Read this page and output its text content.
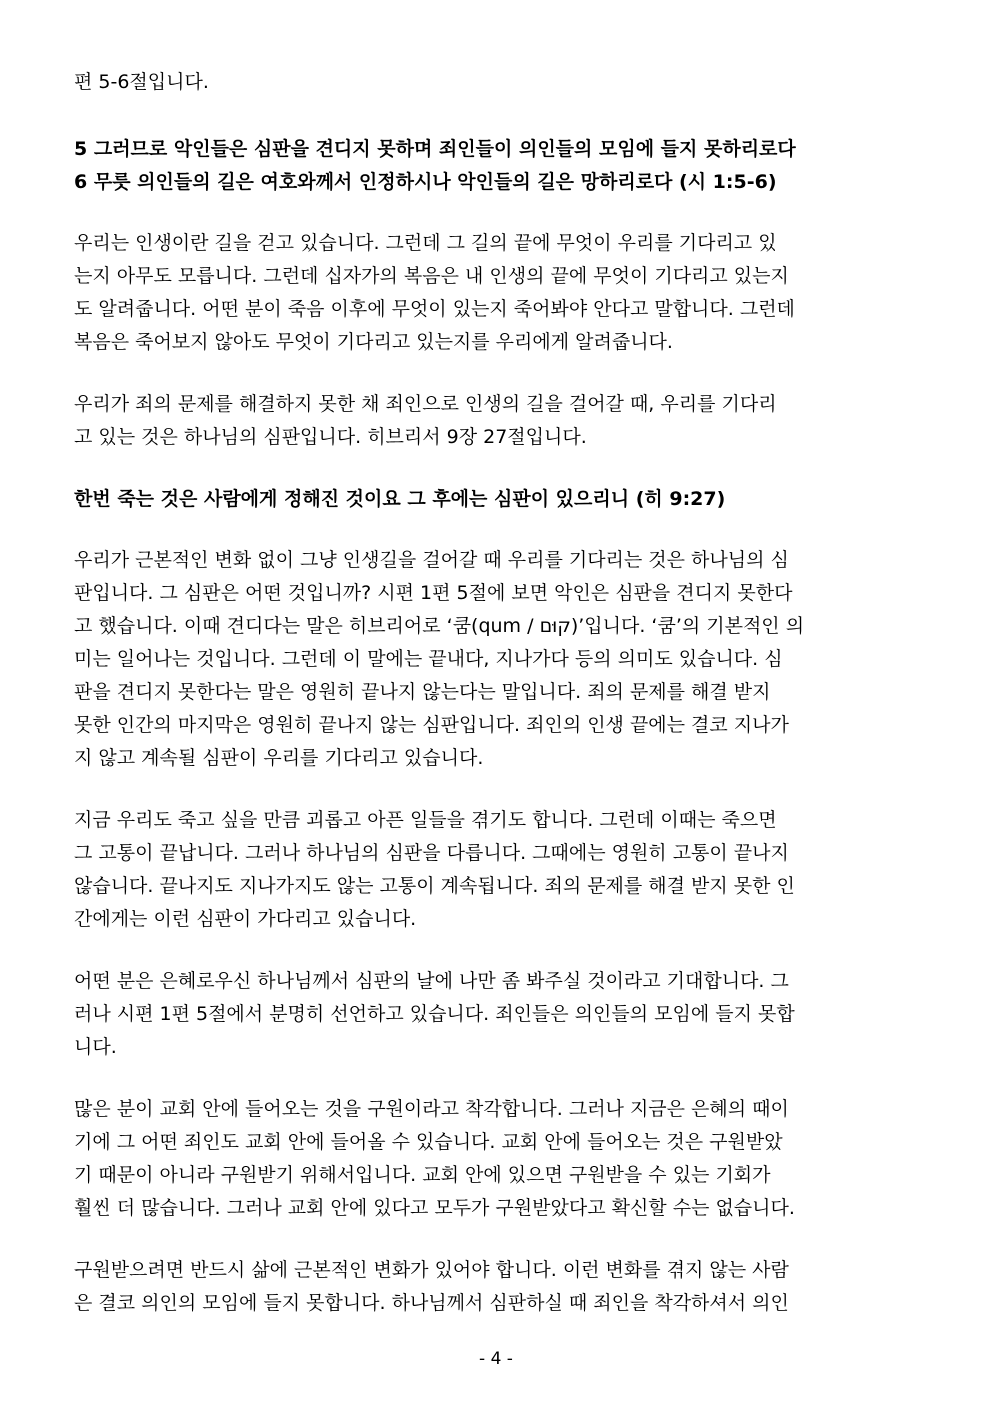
편 5-6절입니다.

5 그러므로 악인들은 심판을 견디지 못하며 죄인들이 의인들의 모임에 들지 못하리로다
6 무릇 의인들의 길은 여호와께서 인정하시나 악인들의 길은 망하리로다 (시 1:5-6)

우리는 인생이란 길을 걷고 있습니다. 그런데 그 길의 끝에 무엇이 우리를 기다리고 있
는지 아무도 모릅니다. 그런데 십자가의 복음은 내 인생의 끝에 무엇이 기다리고 있는지
도 알려줍니다. 어떤 분이 죽음 이후에 무엇이 있는지 죽어봐야 안다고 말합니다. 그런데
복음은 죽어보지 않아도 무엇이 기다리고 있는지를 우리에게 알려줍니다.

우리가 죄의 문제를 해결하지 못한 채 죄인으로 인생의 길을 걸어갈 때, 우리를 기다리
고 있는 것은 하나님의 심판입니다. 히브리서 9장 27절입니다.

한번 죽는 것은 사람에게 정해진 것이요 그 후에는 심판이 있으리니 (히 9:27)

우리가 근본적인 변화 없이 그냥 인생길을 걸어갈 때 우리를 기다리는 것은 하나님의 심
판입니다. 그 심판은 어떤 것입니까? 시편 1편 5절에 보면 악인은 심판을 견디지 못한다
고 했습니다. 이때 견디다는 말은 히브리어로 ‘쿰(qum / קוּם)’입니다. ‘쿰’의 기본적인 의
미는 일어나는 것입니다. 그런데 이 말에는 끝내다, 지나가다 등의 의미도 있습니다. 심
판을 견디지 못한다는 말은 영원히 끝나지 않는다는 말입니다. 죄의 문제를 해결 받지
못한 인간의 마지막은 영원히 끝나지 않는 심판입니다. 죄인의 인생 끝에는 결코 지나가
지 않고 계속될 심판이 우리를 기다리고 있습니다.

지금 우리도 죽고 싶을 만큼 괴롭고 아픈 일들을 겪기도 합니다. 그런데 이때는 죽으면
그 고통이 끝납니다. 그러나 하나님의 심판을 다릅니다. 그때에는 영원히 고통이 끝나지
않습니다. 끝나지도 지나가지도 않는 고통이 계속됩니다. 죄의 문제를 해결 받지 못한 인
간에게는 이런 심판이 가다리고 있습니다.

어떤 분은 은혜로우신 하나님께서 심판의 날에 나만 좀 봐주실 것이라고 기대합니다. 그
러나 시편 1편 5절에서 분명히 선언하고 있습니다. 죄인들은 의인들의 모임에 들지 못합
니다.

많은 분이 교회 안에 들어오는 것을 구원이라고 착각합니다. 그러나 지금은 은혜의 때이
기에 그 어떤 죄인도 교회 안에 들어올 수 있습니다. 교회 안에 들어오는 것은 구원받았
기 때문이 아니라 구원받기 위해서입니다. 교회 안에 있으면 구원받을 수 있는 기회가
훨씬 더 많습니다. 그러나 교회 안에 있다고 모두가 구원받았다고 확신할 수는 없습니다.

구원받으려면 반드시 삶에 근본적인 변화가 있어야 합니다. 이런 변화를 겪지 않는 사람
은 결코 의인의 모임에 들지 못합니다. 하나님께서 심판하실 때 죄인을 착각하셔서 의인

- 4 -
